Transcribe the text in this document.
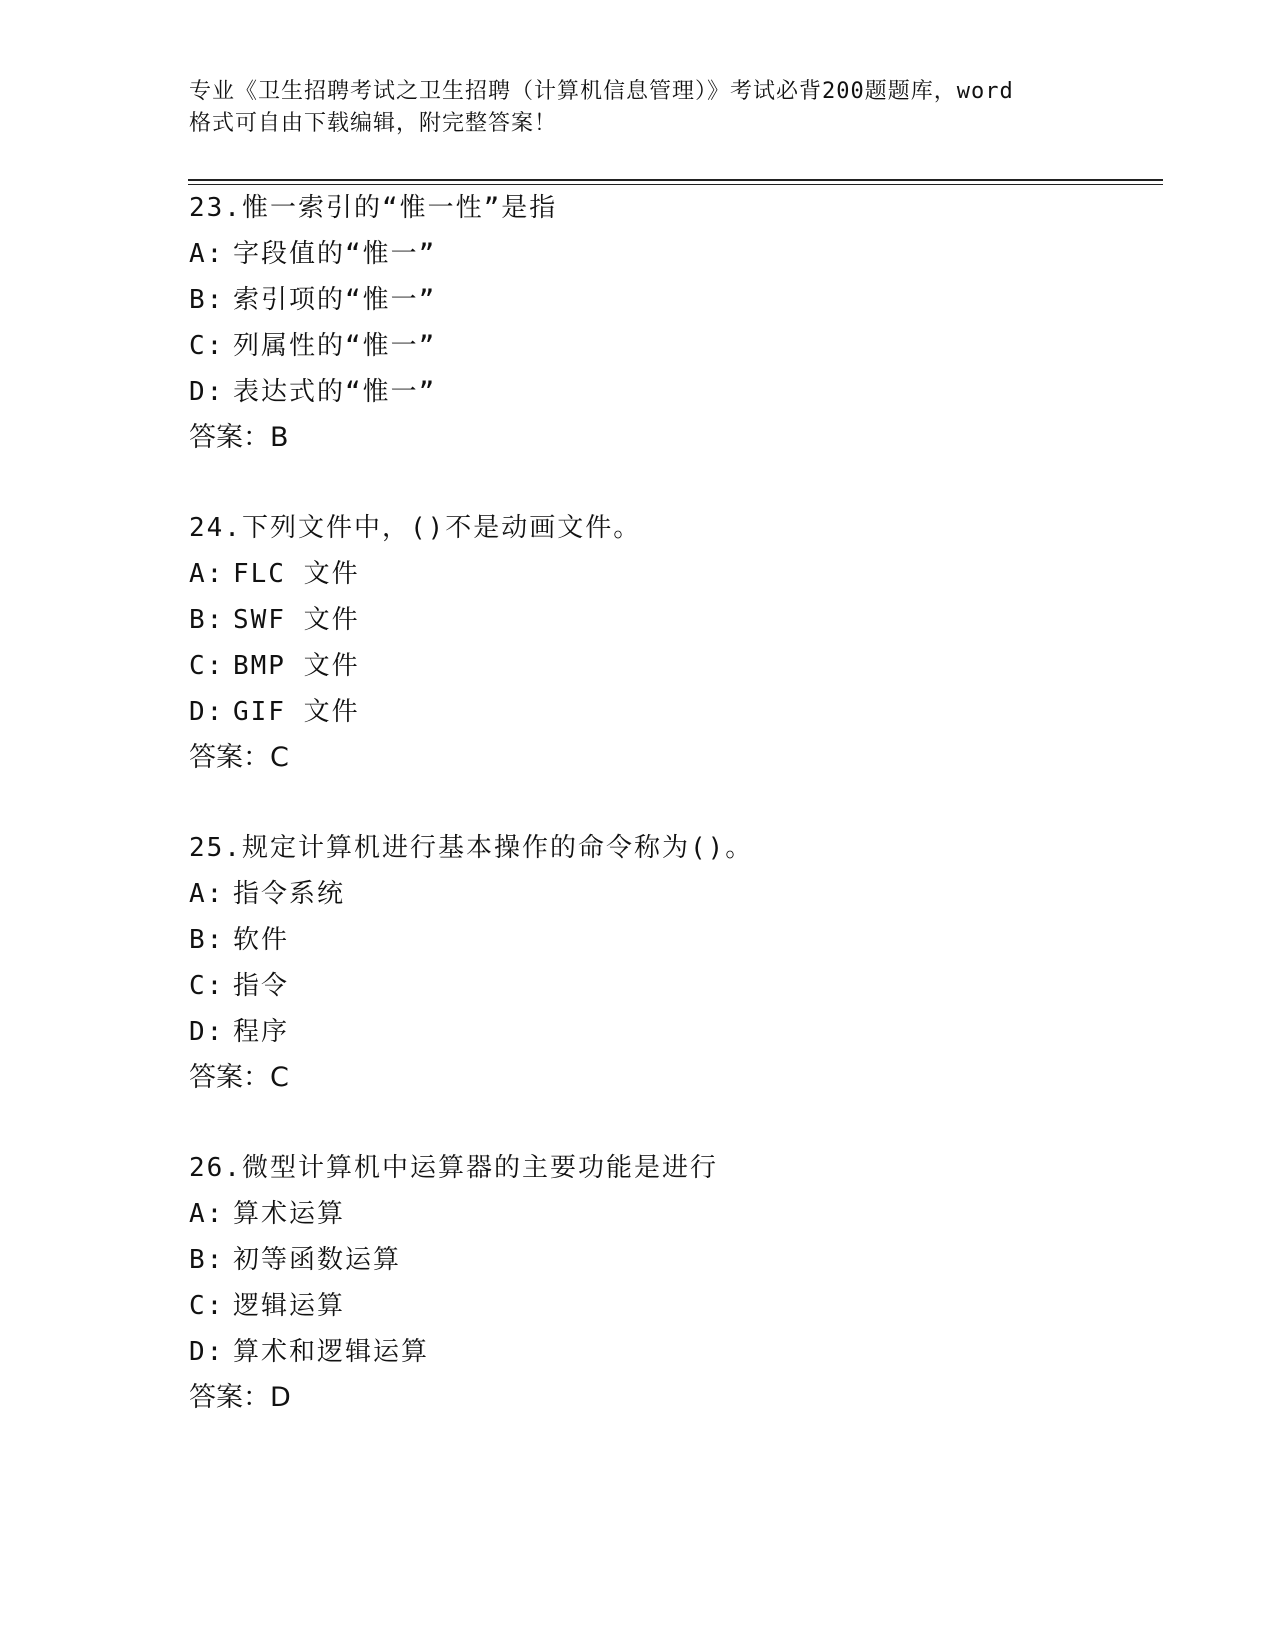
专业《卫生招聘考试之卫生招聘（计算机信息管理）》考试必背200题题库，word
格式可自由下载编辑，附完整答案！
23.惟一索引的“惟一性”是指
A: 字段值的“惟一”
B: 索引项的“惟一”
C: 列属性的“惟一”
D: 表达式的“惟一”
答案：B
24.下列文件中，()不是动画文件。
A: FLC 文件
B: SWF 文件
C: BMP 文件
D: GIF 文件
答案：C
25.规定计算机进行基本操作的命令称为()。
A: 指令系统
B: 软件
C: 指令
D: 程序
答案：C
26.微型计算机中运算器的主要功能是进行
A: 算术运算
B: 初等函数运算
C: 逻辑运算
D: 算术和逻辑运算
答案：D
